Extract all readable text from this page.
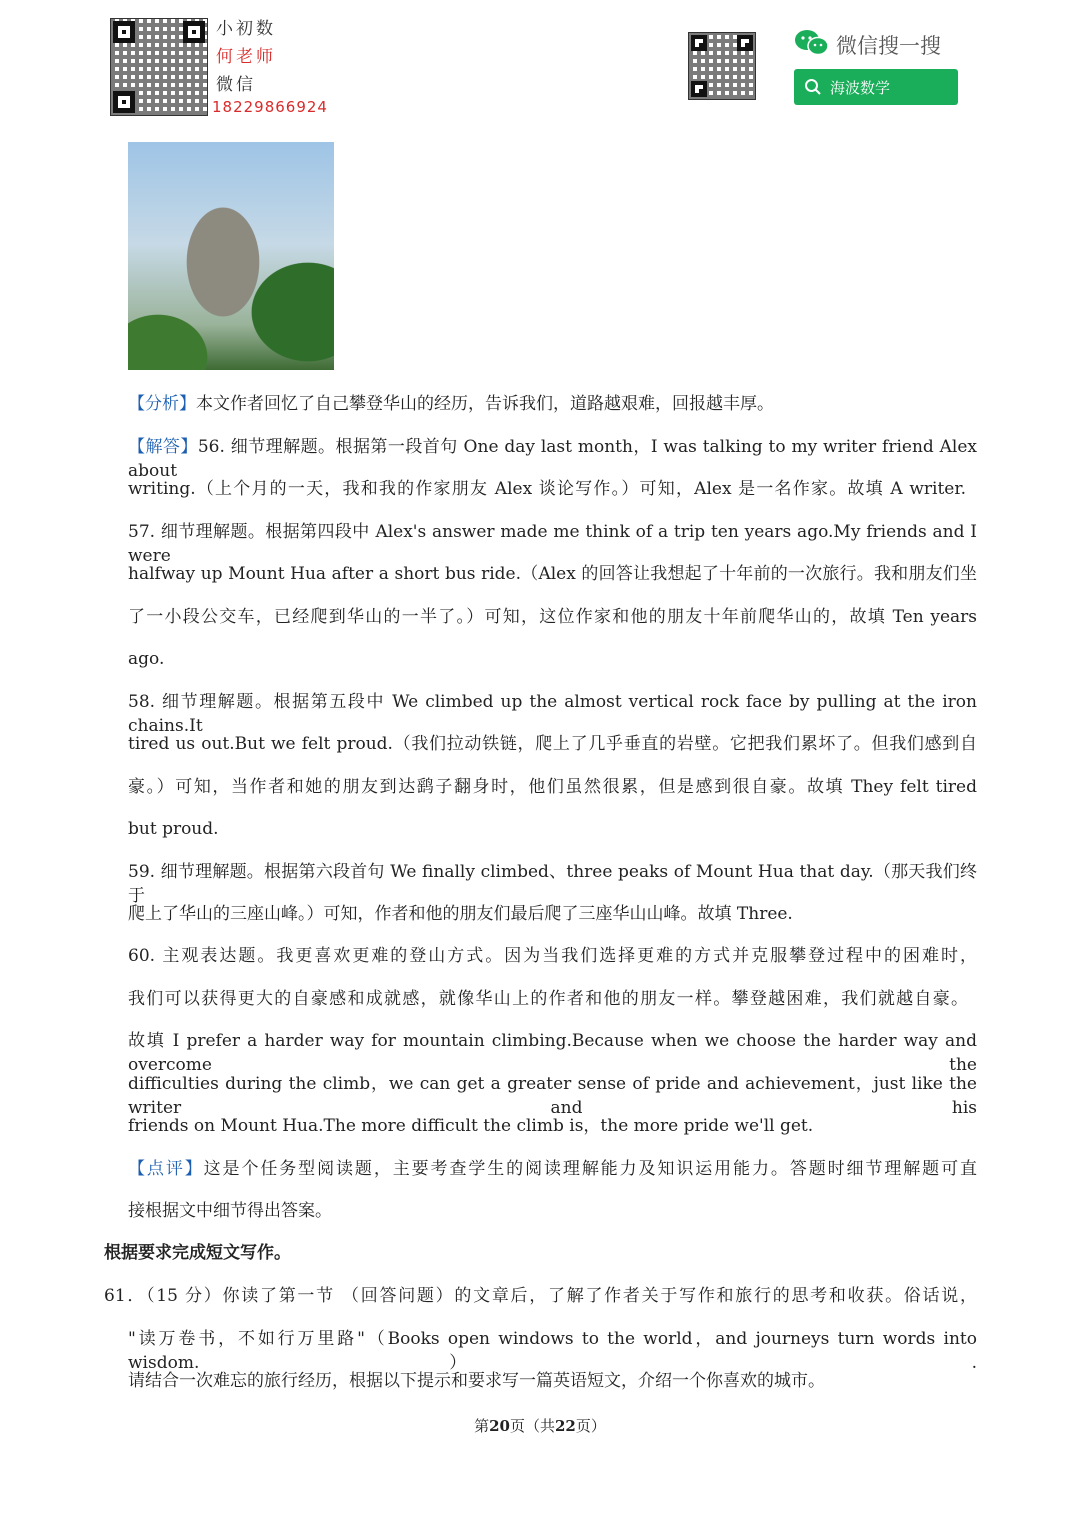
小初数
何老师
微信
18229866924
微信搜一搜
海波数学
【分析】本文作者回忆了自己攀登华山的经历，告诉我们，道路越艰难，回报越丰厚。
【解答】56. 细节理解题。根据第一段首句 One day last month，I was talking to my writer friend Alex about
writing.（上个月的一天，我和我的作家朋友 Alex 谈论写作。）可知，Alex 是一名作家。故填 A writer.
57. 细节理解题。根据第四段中 Alex's answer made me think of a trip ten years ago.My friends and I were
halfway up Mount Hua after a short bus ride.（Alex 的回答让我想起了十年前的一次旅行。我和朋友们坐
了一小段公交车，已经爬到华山的一半了。）可知，这位作家和他的朋友十年前爬华山的，故填 Ten years
ago.
58. 细节理解题。根据第五段中 We climbed up the almost vertical rock face by pulling at the iron chains.It
tired us out.But we felt proud.（我们拉动铁链，爬上了几乎垂直的岩壁。它把我们累坏了。但我们感到自
豪。）可知，当作者和她的朋友到达鹞子翻身时，他们虽然很累，但是感到很自豪。故填 They felt tired
but proud.
59. 细节理解题。根据第六段首句 We finally climbed、three peaks of Mount Hua that day.（那天我们终于
爬上了华山的三座山峰。）可知，作者和他的朋友们最后爬了三座华山山峰。故填 Three.
60. 主观表达题。我更喜欢更难的登山方式。因为当我们选择更难的方式并克服攀登过程中的困难时，
我们可以获得更大的自豪感和成就感，就像华山上的作者和他的朋友一样。攀登越困难，我们就越自豪。
故填 I prefer a harder way for mountain climbing.Because when we choose the harder way and overcome the
difficulties during the climb，we can get a greater sense of pride and achievement，just like the writer and his
friends on Mount Hua.The more difficult the climb is，the more pride we'll get.
【点评】这是个任务型阅读题，主要考查学生的阅读理解能力及知识运用能力。答题时细节理解题可直
接根据文中细节得出答案。
根据要求完成短文写作。
61．（15 分）你读了第一节 （回答问题）的文章后，了解了作者关于写作和旅行的思考和收获。俗话说，
"读万卷书，不如行万里路"（Books open windows to the world，and journeys turn words into wisdom.） .
请结合一次难忘的旅行经历，根据以下提示和要求写一篇英语短文，介绍一个你喜欢的城市。
第20页（共22页）
